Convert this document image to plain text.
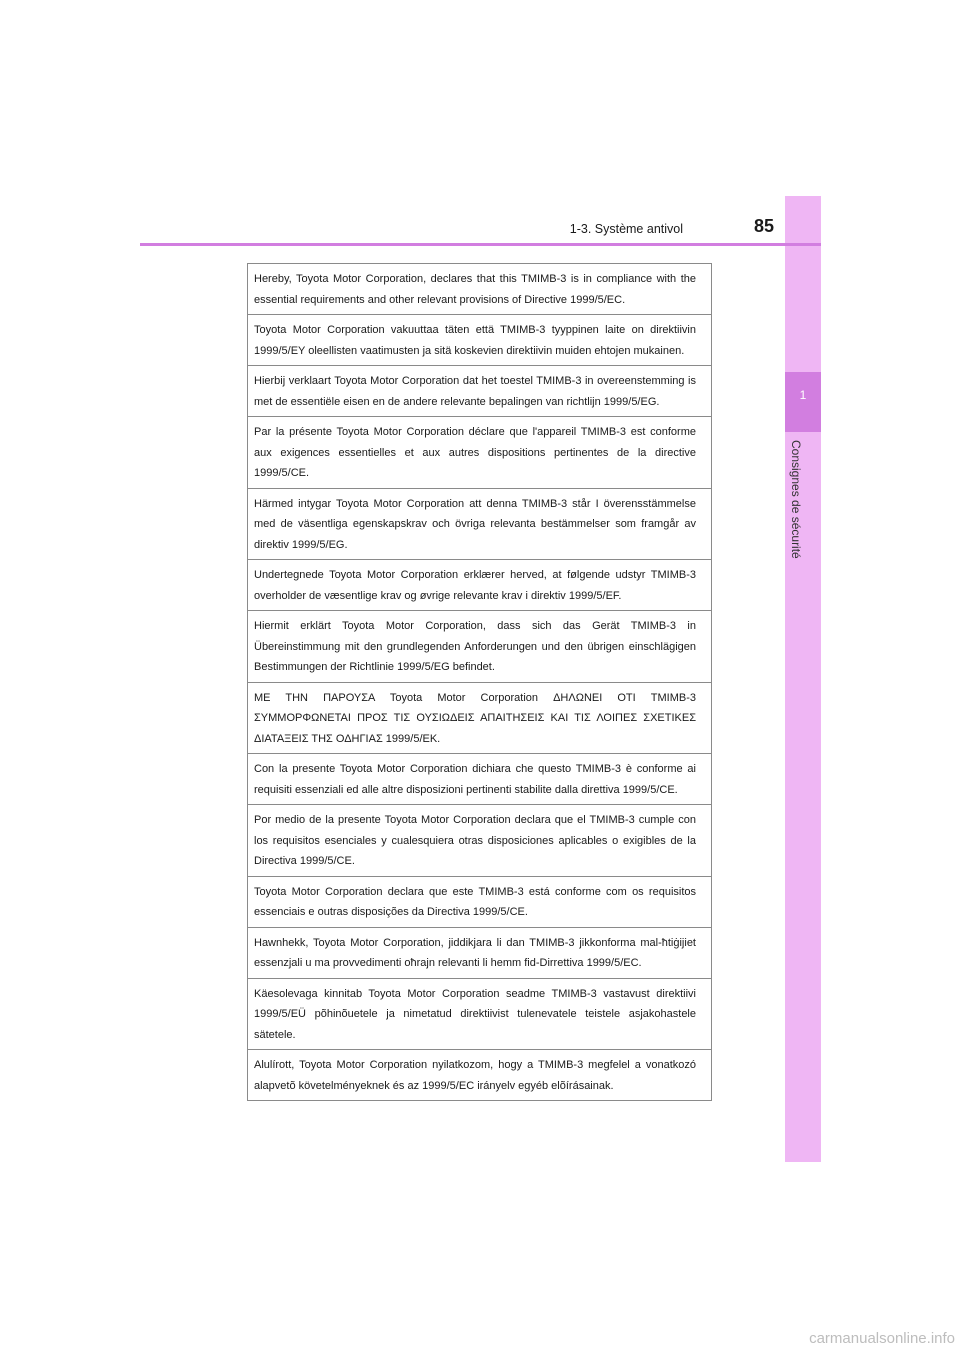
1
Consignes de sécurité
85
1-3. Système antivol
Hereby, Toyota Motor Corporation, declares that this TMIMB-3 is in compliance with the essential requirements and other relevant provisions of Directive 1999/5/EC.
Toyota Motor Corporation vakuuttaa täten että TMIMB-3 tyyppinen laite on direktiivin 1999/5/EY oleellisten vaatimusten ja sitä koskevien direktiivin muiden ehtojen mukainen.
Hierbij verklaart Toyota Motor Corporation dat het toestel TMIMB-3 in overeenstemming is met de essentiële eisen en de andere relevante bepalingen van richtlijn 1999/5/EG.
Par la présente Toyota Motor Corporation déclare que l'appareil TMIMB-3 est conforme aux exigences essentielles et aux autres dispositions pertinentes de la directive 1999/5/CE.
Härmed intygar Toyota Motor Corporation att denna TMIMB-3 står I överensstämmelse med de väsentliga egenskapskrav och övriga relevanta bestämmelser som framgår av direktiv 1999/5/EG.
Undertegnede Toyota Motor Corporation erklærer herved, at følgende udstyr TMIMB-3 overholder de væsentlige krav og øvrige relevante krav i direktiv 1999/5/EF.
Hiermit erklärt Toyota Motor Corporation, dass sich das Gerät TMIMB-3 in Übereinstimmung mit den grundlegenden Anforderungen und den übrigen einschlägigen Bestimmungen der Richtlinie 1999/5/EG befindet.
ΜΕ ΤΗΝ ΠΑΡΟΥΣΑ Toyota Motor Corporation ΔΗΛΩΝΕΙ ΟΤΙ TMIMB-3 ΣΥΜΜΟΡΦΩΝΕΤΑΙ ΠΡΟΣ ΤΙΣ ΟΥΣΙΩΔΕΙΣ ΑΠΑΙΤΗΣΕΙΣ ΚΑΙ ΤΙΣ ΛΟΙΠΕΣ ΣΧΕΤΙΚΕΣ ΔΙΑΤΑΞΕΙΣ ΤΗΣ ΟΔΗΓΙΑΣ 1999/5/ΕΚ.
Con la presente Toyota Motor Corporation dichiara che questo TMIMB-3 è conforme ai requisiti essenziali ed alle altre disposizioni pertinenti stabilite dalla direttiva 1999/5/CE.
Por medio de la presente Toyota Motor Corporation declara que el TMIMB-3 cumple con los requisitos esenciales y cualesquiera otras disposiciones aplicables o exigibles de la Directiva 1999/5/CE.
Toyota Motor Corporation declara que este TMIMB-3 está conforme com os requisitos essenciais e outras disposições da Directiva 1999/5/CE.
Hawnhekk, Toyota Motor Corporation, jiddikjara li dan TMIMB-3 jikkonforma mal-ħtiġijiet essenzjali u ma provvedimenti oħrajn relevanti li hemm fid-Dirrettiva 1999/5/EC.
Käesolevaga kinnitab Toyota Motor Corporation seadme TMIMB-3 vastavust direktiivi 1999/5/EÜ põhinõuetele ja nimetatud direktiivist tulenevatele teistele asjakohastele sätetele.
Alulírott, Toyota Motor Corporation nyilatkozom, hogy a TMIMB-3 megfelel a vonatkozó alapvetõ követelményeknek és az 1999/5/EC irányelv egyéb elõírásainak.
carmanualsonline.info
